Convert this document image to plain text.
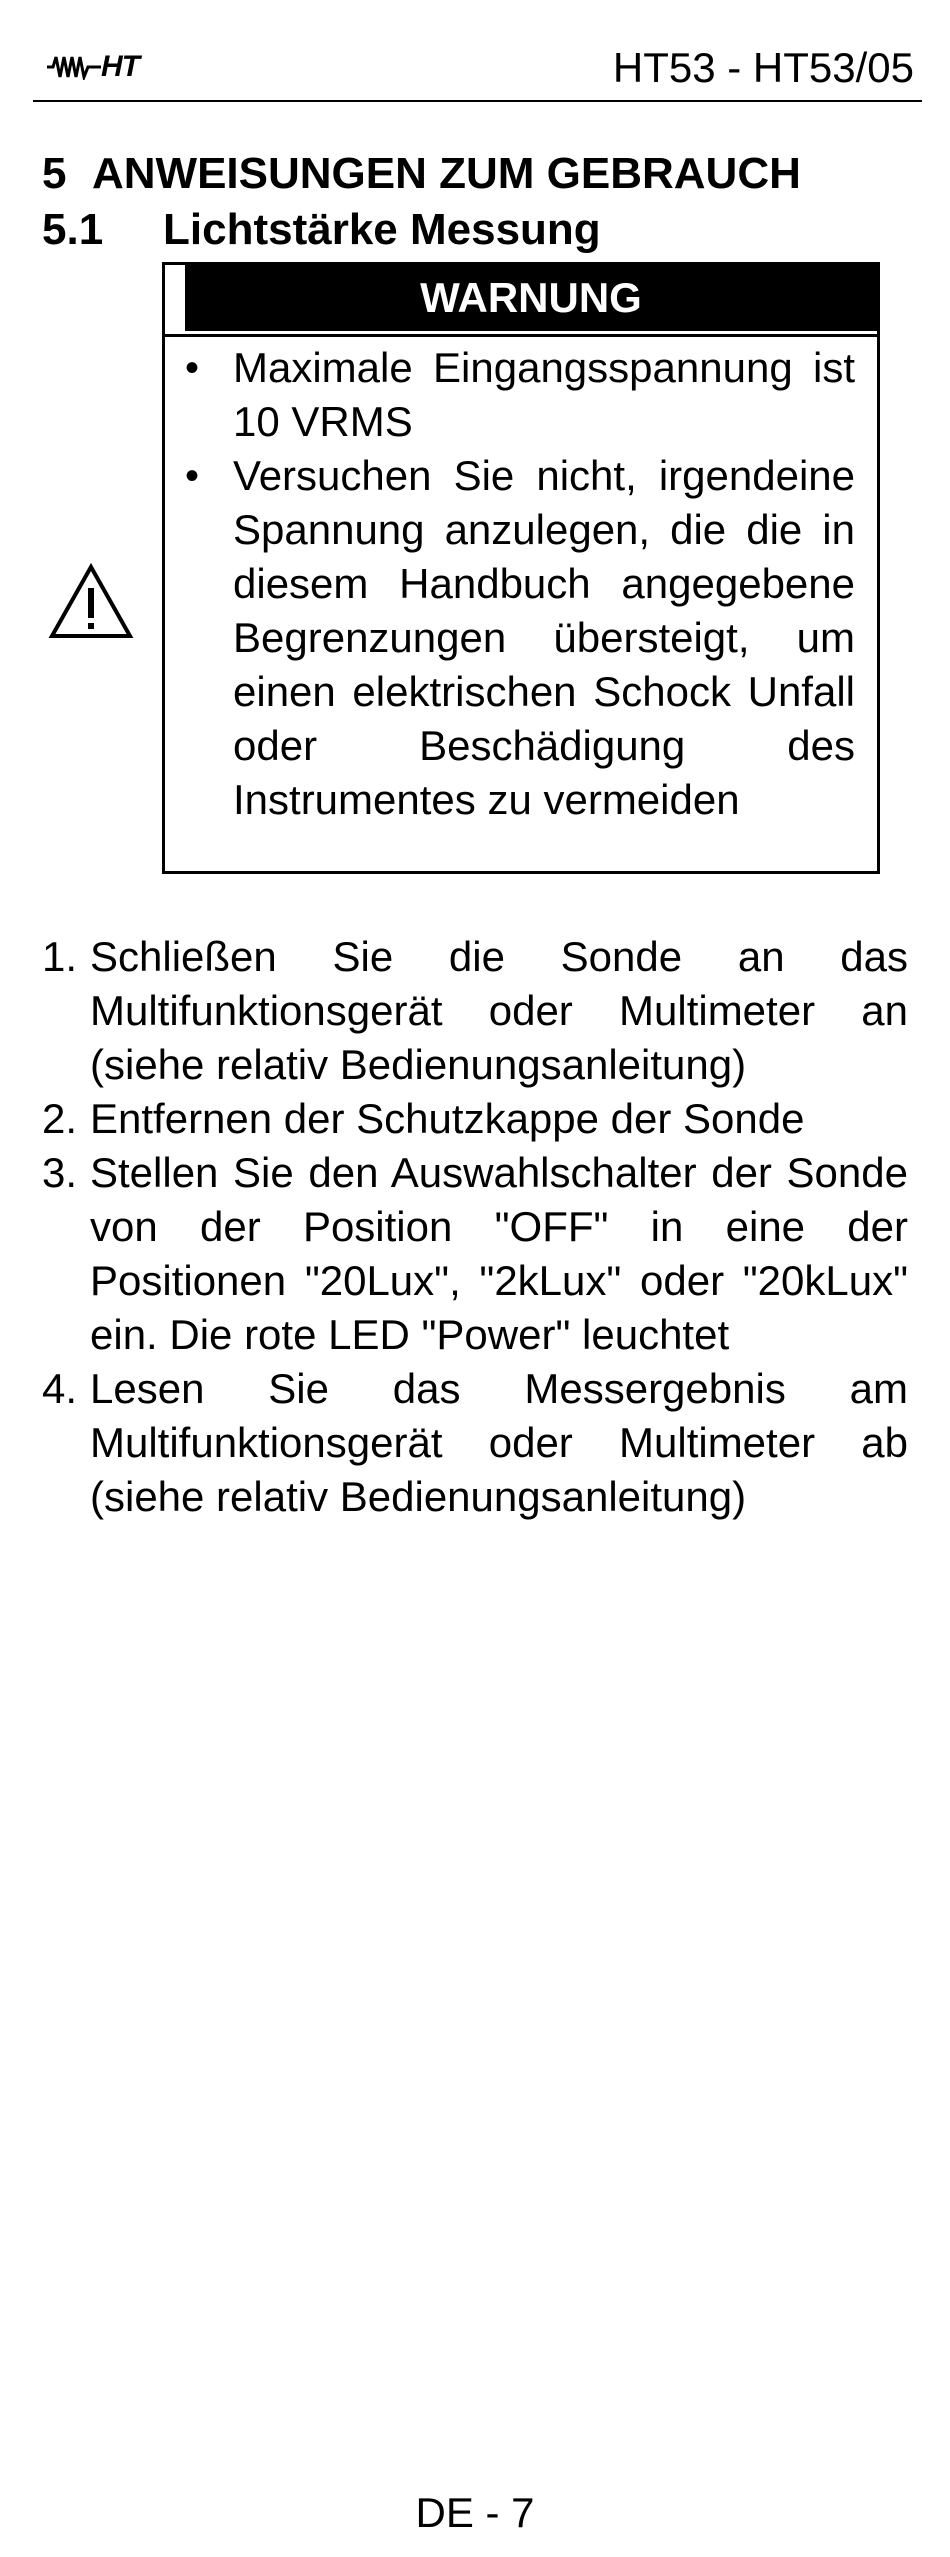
HT	HT53 - HT53/05
5 ANWEISUNGEN ZUM GEBRAUCH
5.1 Lichtstärke Messung
WARNUNG
• Maximale Eingangsspannung ist 10 VRMS
• Versuchen Sie nicht, irgendeine Spannung anzulegen, die die in diesem Handbuch angegebene Begrenzungen übersteigt, um einen elektrischen Schock Unfall oder Beschädigung des Instrumentes zu vermeiden
1. Schließen Sie die Sonde an das Multifunktionsgerät oder Multimeter an (siehe relativ Bedienungsanleitung)
2. Entfernen der Schutzkappe der Sonde
3. Stellen Sie den Auswahlschalter der Sonde von der Position "OFF" in eine der Positionen "20Lux", "2kLux" oder "20kLux" ein. Die rote LED "Power" leuchtet
4. Lesen Sie das Messergebnis am Multifunktionsgerät oder Multimeter ab (siehe relativ Bedienungsanleitung)
DE - 7
